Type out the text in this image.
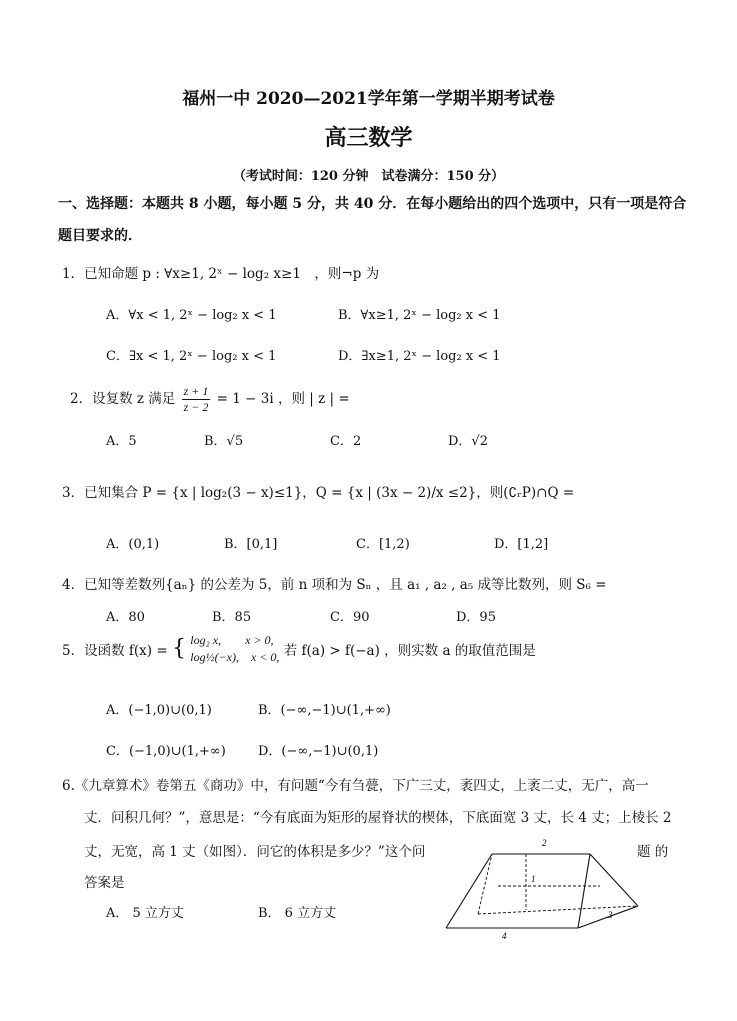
福州一中 2020—2021学年第一学期半期考试卷
高三数学
（考试时间：120 分钟　试卷满分：150 分）
一、选择题：本题共 8 小题，每小题 5 分，共 40 分．在每小题给出的四个选项中，只有一项是符合
题目要求的．
1．已知命题 p : ∀x≥1, 2ˣ − log₂ x≥1　，则¬p 为
A．∀x < 1, 2ˣ − log₂ x < 1	B．∀x≥1, 2ˣ − log₂ x < 1
C．∃x < 1, 2ˣ − log₂ x < 1	D．∃x≥1, 2ˣ − log₂ x < 1
2．设复数 z 满足 $\frac{z + 1}{z - 2} = 1 - 3i$ ，则 | z | =
A．5	B．√5	C．2	D．√2
3．已知集合 P = {x | log₂(3 − x)≤1}，Q = {x | (3x − 2)/x ≤2}，则(∁ᵣP)∩Q =
A．(0,1)	B．[0,1]	C．[1,2)	D．[1,2]
4．已知等差数列{aₙ} 的公差为 5，前 n 项和为 Sₙ ，且 a₁ , a₂ , a₅ 成等比数列，则 S₆ =
A．80	B．85	C．90	D．95
5．设函数 f(x) = { log₂ x,　　x > 0,
log½(−x),　x < 0, 若 f(a) > f(−a) ，则实数 a 的取值范围是
A．(−1,0)∪(0,1)	B．(−∞,−1)∪(1,+∞)
C．(−1,0)∪(1,+∞) D．(−∞,−1)∪(0,1)
6.《九章算术》卷第五《商功》中，有问题“今有刍甍，下广三丈，袤四丈，上袤二丈，无广，高一
丈．问积几何？”，意思是：“今有底面为矩形的屋脊状的楔体，下底面宽 3 丈，长 4 丈；上棱长 2
丈，无宽，高 1 丈（如图）．问它的体积是多少？”这个问	题 的
答案是
A． 5 立方丈	B． 6 立方丈
2
1
3
4
